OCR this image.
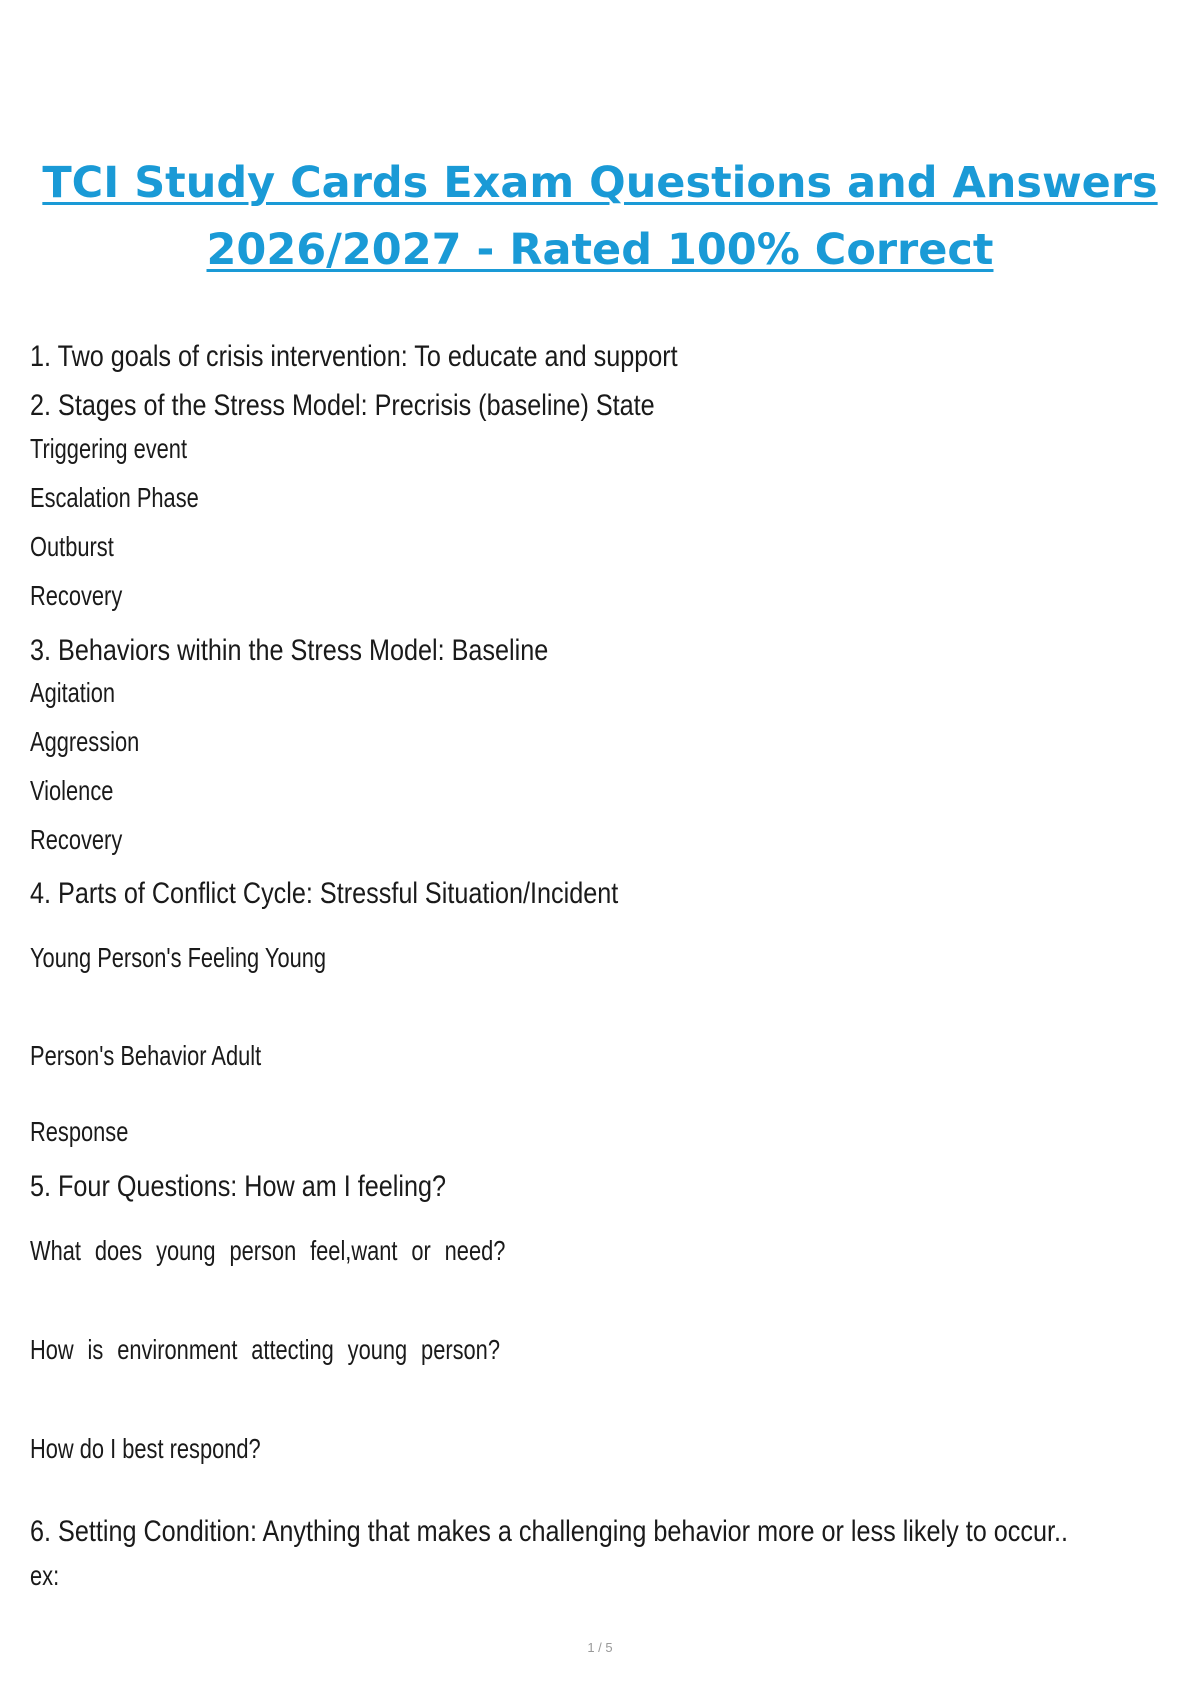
TCI Study Cards Exam Questions and Answers
2026/2027 - Rated 100% Correct
1. Two goals of crisis intervention: To educate and support
2. Stages of the Stress Model: Precrisis (baseline) State
Triggering event
Escalation Phase
Outburst
Recovery
3. Behaviors within the Stress Model: Baseline
Agitation
Aggression
Violence
Recovery
4. Parts of Conflict Cycle: Stressful Situation/Incident
Young Person's Feeling Young
Person's Behavior Adult
Response
5. Four Questions: How am I feeling?
What does young person feel,want or need?
How is environment attecting young person?
How do I best respond?
6. Setting Condition: Anything that makes a challenging behavior more or less likely to occur..
ex:
1 / 5
